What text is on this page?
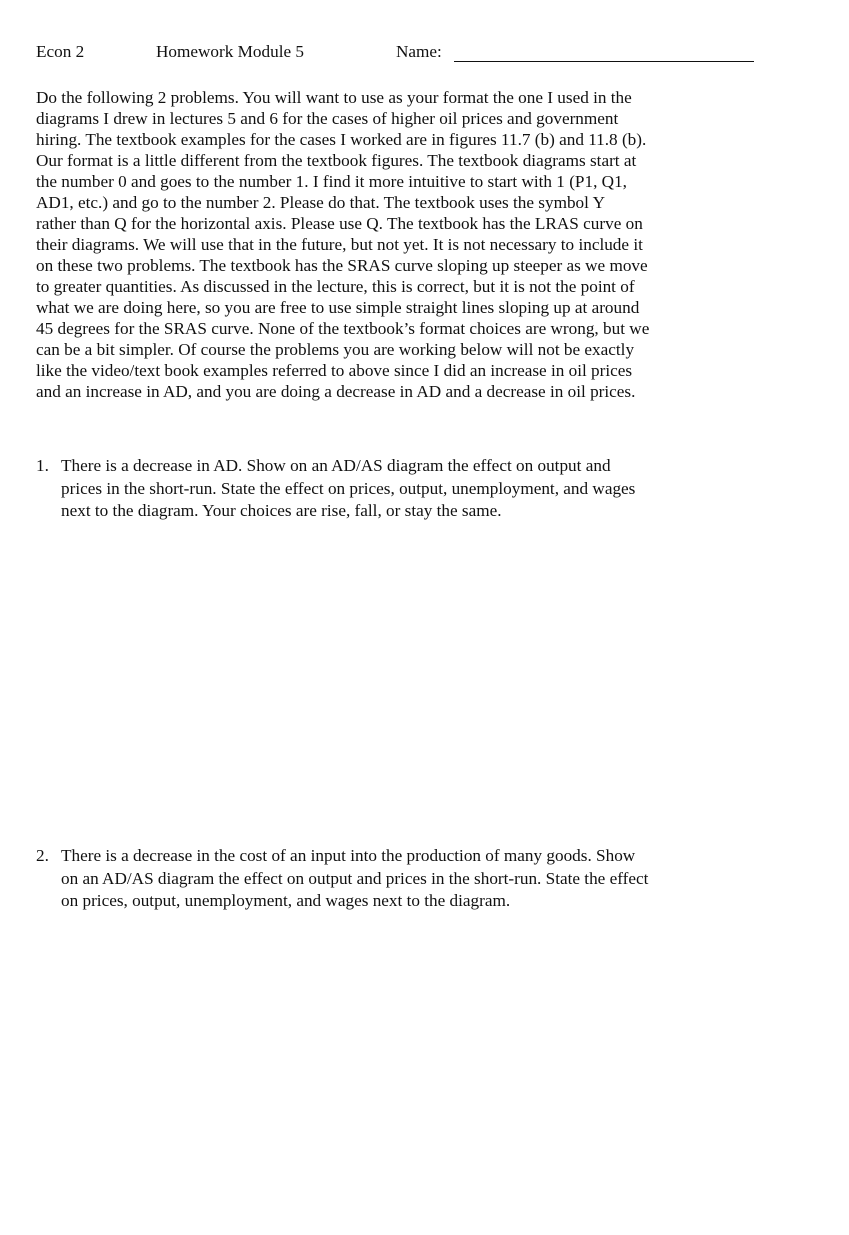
Econ 2	Homework Module 5	Name:

Do the following 2 problems. You will want to use as your format the one I used in the
diagrams I drew in lectures 5 and 6 for the cases of higher oil prices and government
hiring. The textbook examples for the cases I worked are in figures 11.7 (b) and 11.8 (b).
Our format is a little different from the textbook figures. The textbook diagrams start at
the number 0 and goes to the number 1. I find it more intuitive to start with 1 (P1, Q1,
AD1, etc.) and go to the number 2. Please do that. The textbook uses the symbol Y
rather than Q for the horizontal axis. Please use Q. The textbook has the LRAS curve on
their diagrams. We will use that in the future, but not yet. It is not necessary to include it
on these two problems. The textbook has the SRAS curve sloping up steeper as we move
to greater quantities. As discussed in the lecture, this is correct, but it is not the point of
what we are doing here, so you are free to use simple straight lines sloping up at around
45 degrees for the SRAS curve. None of the textbook’s format choices are wrong, but we
can be a bit simpler. Of course the problems you are working below will not be exactly
like the video/text book examples referred to above since I did an increase in oil prices
and an increase in AD, and you are doing a decrease in AD and a decrease in oil prices.

1. There is a decrease in AD. Show on an AD/AS diagram the effect on output and
prices in the short-run. State the effect on prices, output, unemployment, and wages
next to the diagram. Your choices are rise, fall, or stay the same.
2. There is a decrease in the cost of an input into the production of many goods. Show
on an AD/AS diagram the effect on output and prices in the short-run. State the effect
on prices, output, unemployment, and wages next to the diagram.
